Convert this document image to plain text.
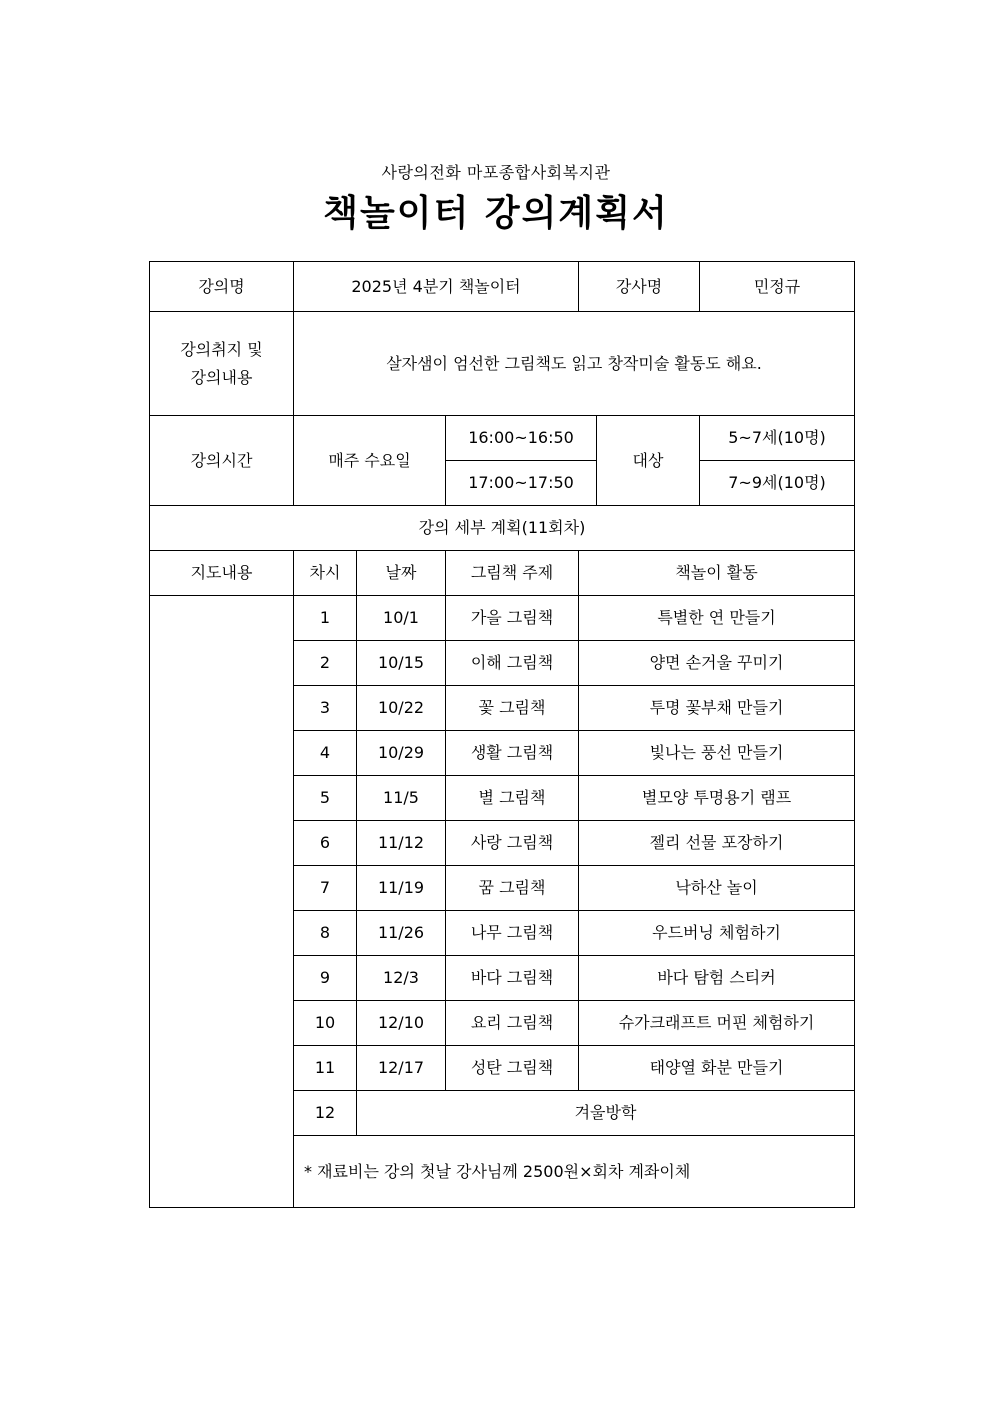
사랑의전화 마포종합사회복지관
책놀이터 강의계획서
강의명	2025년 4분기 책놀이터			강사명		민정규
강의취지 및
강의내용	살자샘이 엄선한 그림책도 읽고 창작미술 활동도 해요.					
강의시간	매주 수요일		16:00~16:50		대상	5~7세(10명)
			17:00~17:50			7~9세(10명)
강의 세부 계획(11회차)						
지도내용	차시	날짜	그림책 주제	책놀이 활동		
	1	10/1	가을 그림책	특별한 연 만들기		
	2	10/15	이해 그림책	양면 손거울 꾸미기		
	3	10/22	꽃 그림책	투명 꽃부채 만들기		
	4	10/29	생활 그림책	빛나는 풍선 만들기		
	5	11/5	별 그림책	별모양 투명용기 램프		
	6	11/12	사랑 그림책	젤리 선물 포장하기		
	7	11/19	꿈 그림책	낙하산 놀이		
	8	11/26	나무 그림책	우드버닝 체험하기		
	9	12/3	바다 그림책	바다 탐험 스티커		
	10	12/10	요리 그림책	슈가크래프트 머핀 체험하기		
	11	12/17	성탄 그림책	태양열 화분 만들기		
	12	겨울방학				
	* 재료비는 강의 첫날 강사님께 2500원×회차 계좌이체					
